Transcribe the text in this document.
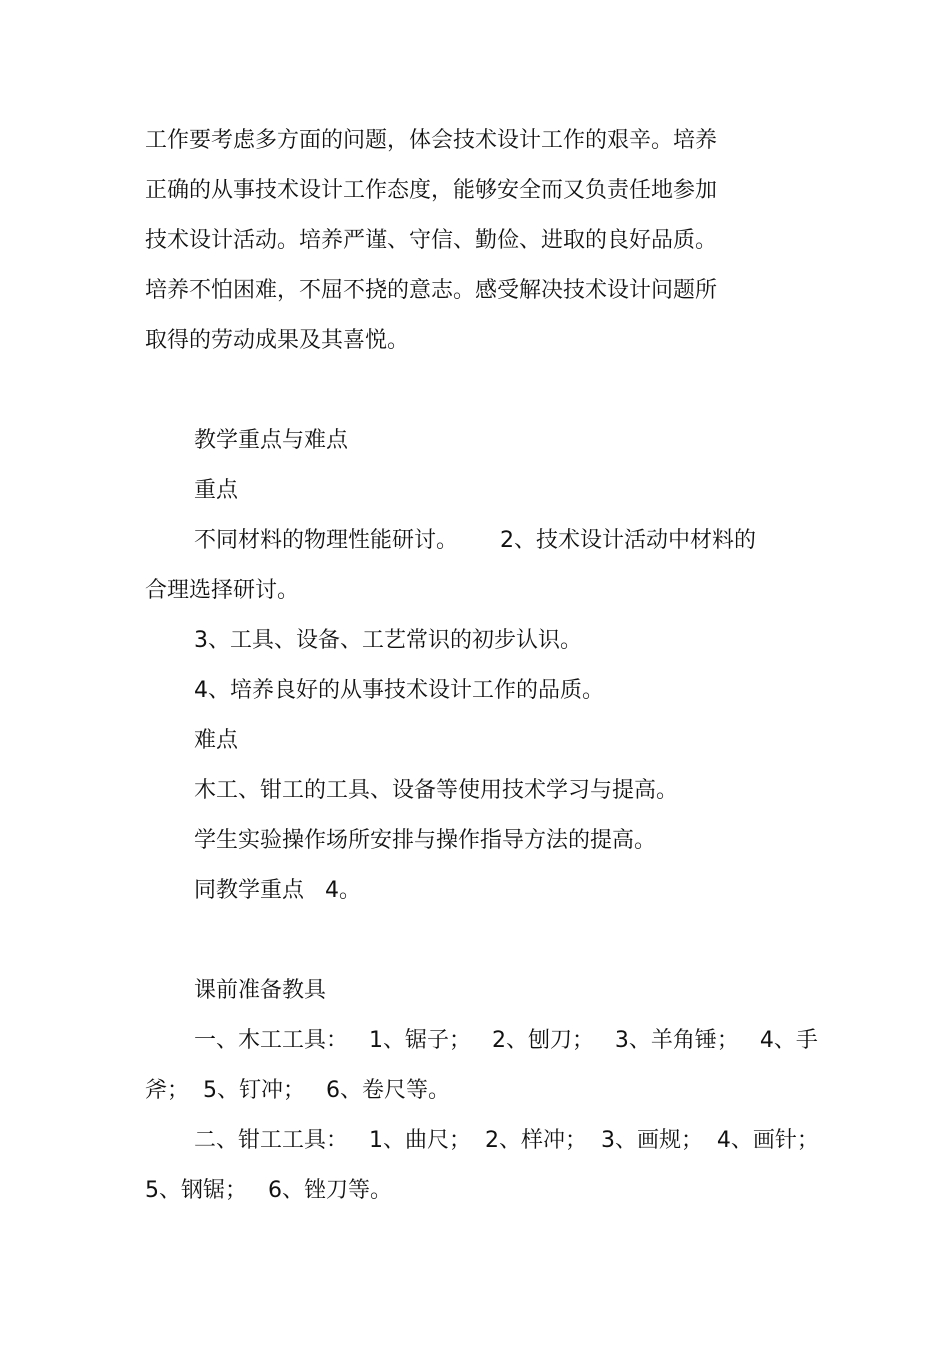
工作要考虑多方面的问题，体会技术设计工作的艰辛。培养

正确的从事技术设计工作态度，能够安全而又负责任地参加

技术设计活动。培养严谨、守信、勤俭、进取的良好品质。

培养不怕困难，不屈不挠的意志。感受解决技术设计问题所

取得的劳动成果及其喜悦。

教学重点与难点

重点

不同材料的物理性能研讨。      2、技术设计活动中材料的

合理选择研讨。

3、工具、设备、工艺常识的初步认识。

4、培养良好的从事技术设计工作的品质。

难点

木工、钳工的工具、设备等使用技术学习与提高。

学生实验操作场所安排与操作指导方法的提高。

同教学重点   4。

课前准备教具

一、木工工具：   1、锯子；   2、刨刀；   3、羊角锤；   4、手

斧；  5、钉冲；   6、卷尺等。

二、钳工工具：   1、曲尺；  2、样冲；  3、画规；  4、画针；

5、钢锯；   6、锉刀等。
